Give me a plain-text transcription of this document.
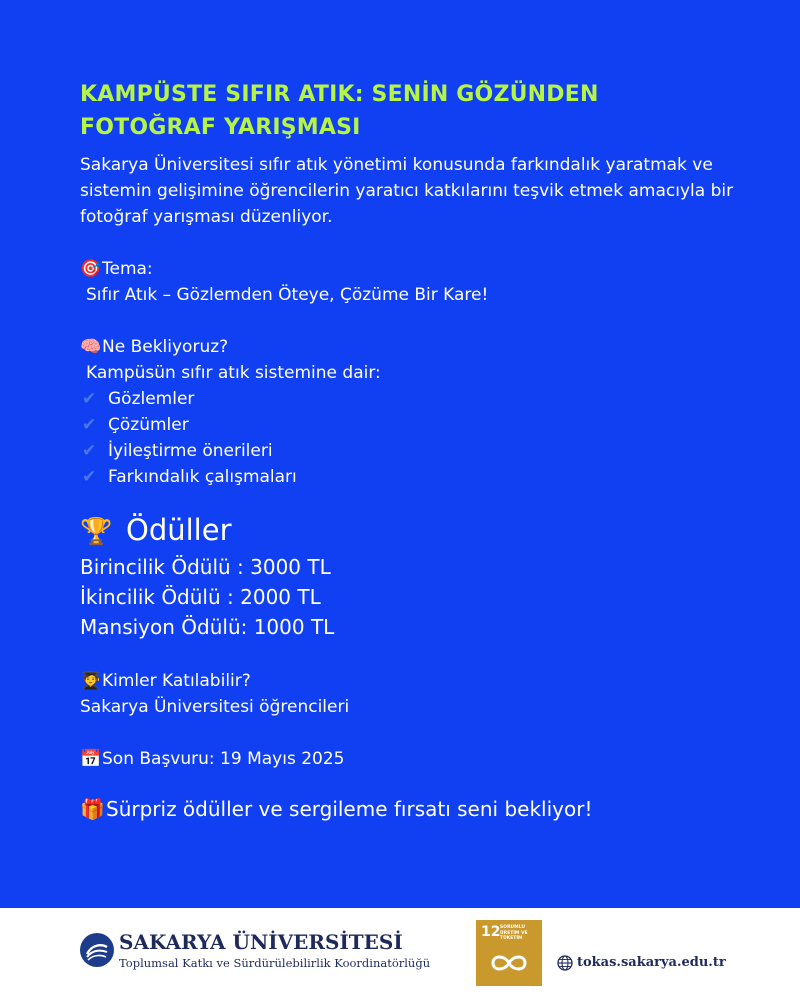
KAMPÜSTE SIFIR ATIK: SENİN GÖZÜNDEN FOTOĞRAF YARIŞMASI

Sakarya Üniversitesi sıfır atık yönetimi konusunda farkındalık yaratmak ve sistemin gelişimine öğrencilerin yaratıcı katkılarını teşvik etmek amacıyla bir fotoğraf yarışması düzenliyor.

🎯Tema:

Sıfır Atık – Gözlemden Öteye, Çözüme Bir Kare!

🧠Ne Bekliyoruz?

Kampüsün sıfır atık sistemine dair:

✔ Gözlemler
✔ Çözümler
✔ İyileştirme önerileri
✔ Farkındalık çalışmaları

🏆 Ödüller

Birincilik Ödülü : 3000 TL

İkincilik Ödülü : 2000 TL

Mansiyon Ödülü: 1000 TL

🧑‍🎓Kimler Katılabilir?

Sakarya Üniversitesi öğrencileri

📅Son Başvuru: 19 Mayıs 2025

🎁Sürpriz ödüller ve sergileme fırsatı seni bekliyor!

SAKARYA ÜNİVERSİTESİ
Toplumsal Katkı ve Sürdürülebilirlik Koordinatörlüğü
12 SORUMLU ÜRETİM VE TÜKETİM
tokas.sakarya.edu.tr
